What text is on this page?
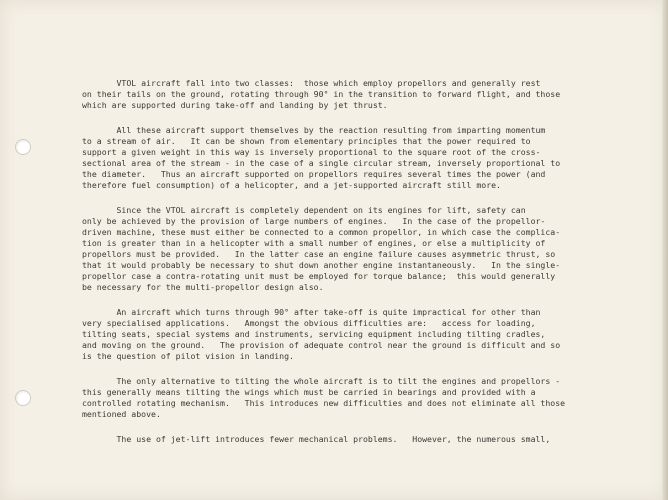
VTOL aircraft fall into two classes:  those which employ propellors and generally rest
on their tails on the ground, rotating through 90° in the transition to forward flight, and those
which are supported during take-off and landing by jet thrust.
All these aircraft support themselves by the reaction resulting from imparting momentum
to a stream of air.   It can be shown from elementary principles that the power required to
support a given weight in this way is inversely proportional to the square root of the cross-
sectional area of the stream - in the case of a single circular stream, inversely proportional to
the diameter.   Thus an aircraft supported on propellors requires several times the power (and
therefore fuel consumption) of a helicopter, and a jet-supported aircraft still more.
Since the VTOL aircraft is completely dependent on its engines for lift, safety can
only be achieved by the provision of large numbers of engines.   In the case of the propellor-
driven machine, these must either be connected to a common propellor, in which case the complica-
tion is greater than in a helicopter with a small number of engines, or else a multiplicity of
propellors must be provided.   In the latter case an engine failure causes asymmetric thrust, so
that it would probably be necessary to shut down another engine instantaneously.   In the single-
propellor case a contra-rotating unit must be employed for torque balance;  this would generally
be necessary for the multi-propellor design also.
An aircraft which turns through 90° after take-off is quite impractical for other than
very specialised applications.   Amongst the obvious difficulties are:   access for loading,
tilting seats, special systems and instruments, servicing equipment including tilting cradles,
and moving on the ground.   The provision of adequate control near the ground is difficult and so
is the question of pilot vision in landing.
The only alternative to tilting the whole aircraft is to tilt the engines and propellors -
this generally means tilting the wings which must be carried in bearings and provided with a
controlled rotating mechanism.   This introduces new difficulties and does not eliminate all those
mentioned above.
The use of jet-lift introduces fewer mechanical problems.   However, the numerous small,
